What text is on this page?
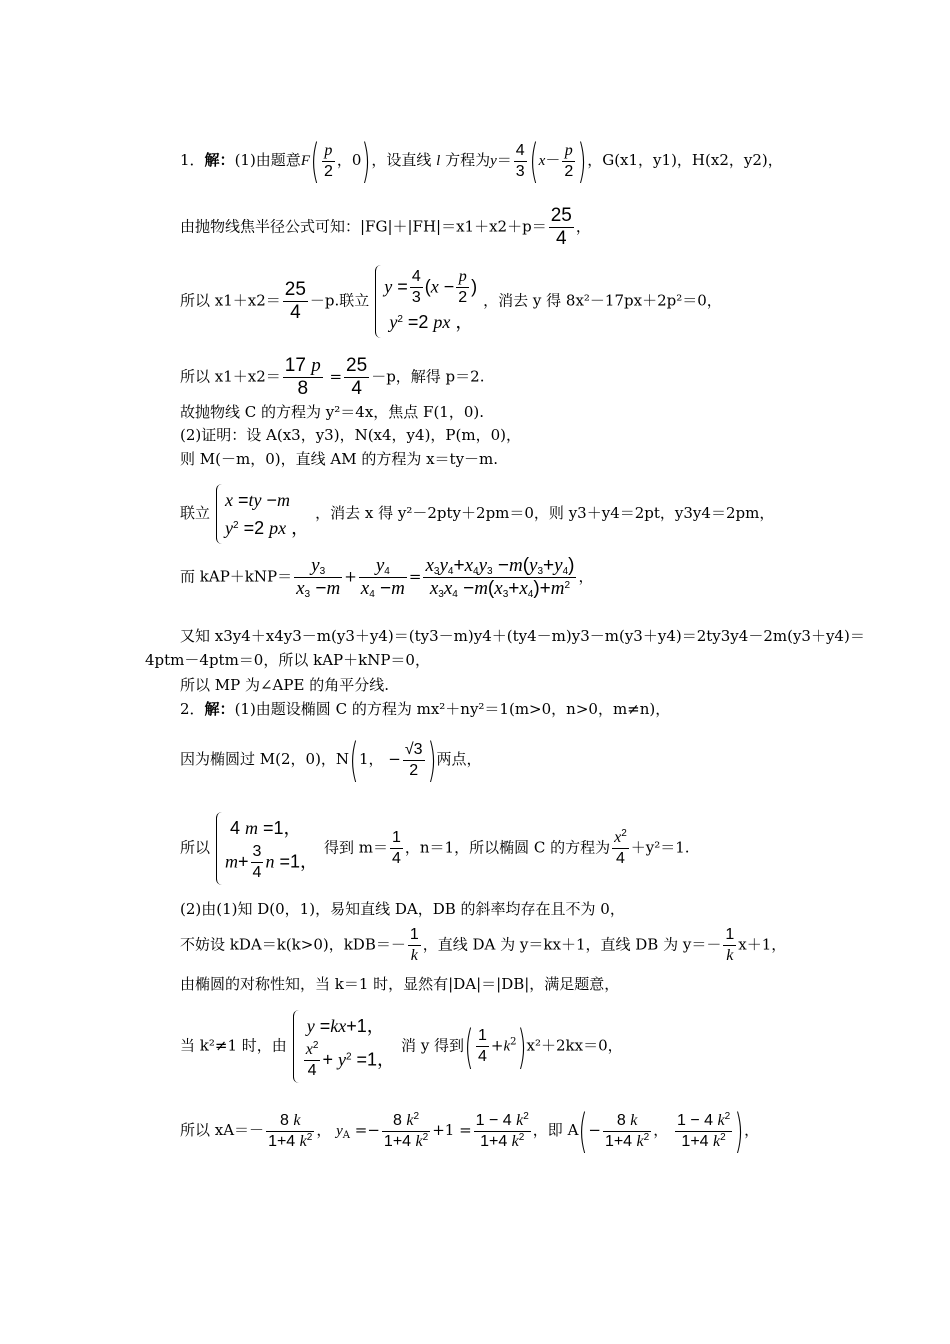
1．解：(1)由题意$F( \frac{p}{2}$ ，0)，设直线 l 方程为$y= \frac{4}{3} (x- \frac{p}{2}$ )，G(x1，y1)，H(x2，y2)，
由抛物线焦半径公式可知：$|FG|+|FH|=x1+x2+p= \frac{25}{4}$ ，
所以 $x1+x2= \frac{25}{4} -p$.联立
$y = \frac{4}{3} (x - \frac{p}{2}$ )
$y^2 =2$ px ，
，消去 y 得 8x²－17px＋2p²＝0，
所以 $x1+x2= \frac{17 p}{8} = \frac{25}{4} -p$，解得 p＝2.
故抛物线 C 的方程为 y²＝4x，焦点 F(1，0).
(2)证明：设 A(x3，y3)，N(x4，y4)，P(m，0)，
则 M(－m，0)，直线 AM 的方程为 x＝ty－m.
联立
x =ty −m
$y^2 =2$ px ，
，消去 x 得 y²－2pty＋2pm＝0，则 y3＋y4＝2pt，y3y4＝2pm，
而 $kAP+kNP= \frac{y_3}{x_3 -m} + \frac{y_4}{x_4 -m} = \frac{x_3y_4+x_4y_3 -m(y_3+y_4)}{x_3x_4 -m(x_3+x_4)+m^2}$ ，
又知 x3y4＋x4y3－m(y3＋y4)＝(ty3－m)y4＋(ty4－m)y3－m(y3＋y4)＝2ty3y4－2m(y3＋y4)＝
4ptm－4ptm＝0，所以 kAP＋kNP＝0，
所以 MP 为∠APE 的角平分线.
2．解：(1)由题设椭圆 C 的方程为 mx²＋ny²＝1(m>0，n>0，m≠n)，
因为椭圆过 M(2，0)，N(1， − $\frac{√3}{2}$ )两点，
所以
4 m =1，
$m+ \frac{3}{4}$ n =1，
得到 $m= \frac{1}{4}$ ，n＝1，所以椭圆 C 的方程为 $\frac{x^2}{4} +y^2=1$.
(2)由(1)知 D(0，1)，易知直线 DA，DB 的斜率均存在且不为 0，
不妨设 kDA＝k(k>0)，$kDB=- \frac{1}{k}$ ，直线 DA 为 y＝kx＋1，直线 DB 为 $y=- \frac{1}{k} x+1$，
由椭圆的对称性知，当 k＝1 时，显然有|DA|＝|DB|，满足题意，
当 k²≠1 时，由
y =kx+1，
$\frac{x^2}{4} + y^2 =1$，
消 y 得到( $\frac{1}{4} +k^2)x^2+2kx=0$，
所以 $xA=- \frac{8 k}{1+4 k^2}$ ， $y_A =- \frac{8 k^2}{1+4 k^2} +1 = \frac{1 - 4 k^2}{1+4 k^2}$ ，即 $A(- \frac{8 k}{1+4 k^2}$ ， $\frac{1 - 4 k^2}{1+4 k^2}$ )，
